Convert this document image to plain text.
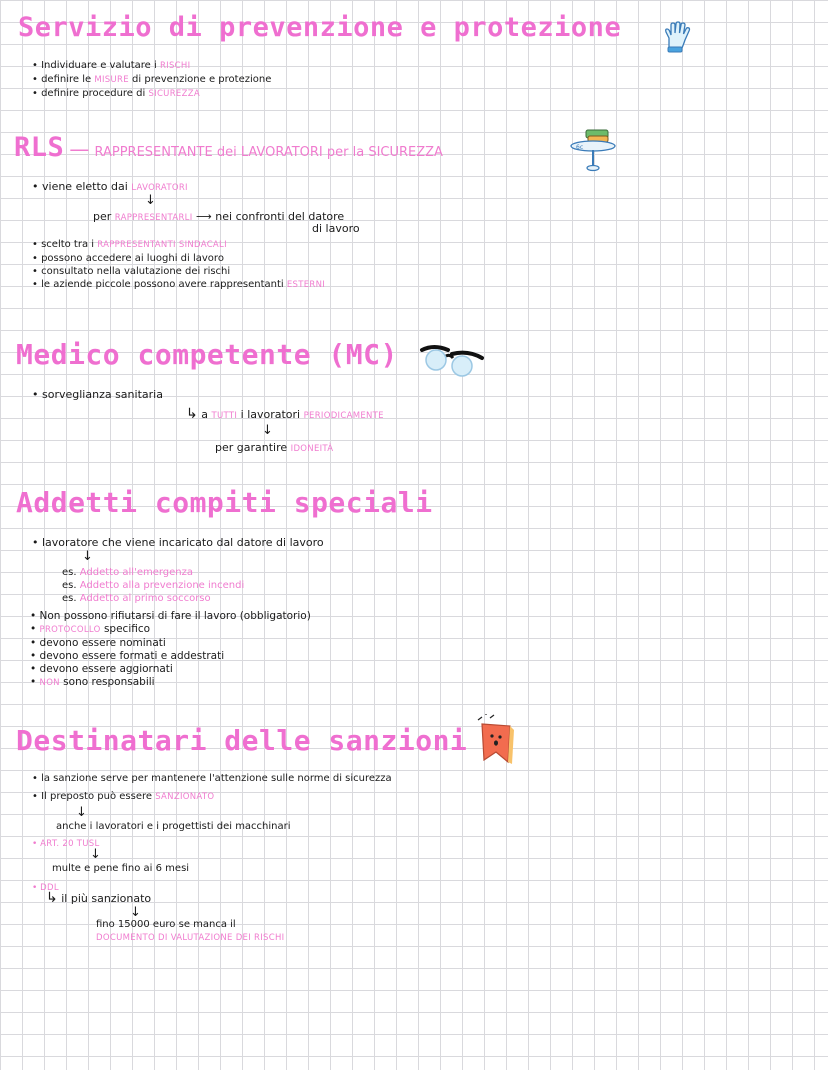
Servizio di prevenzione e protezione
• Individuare e valutare i RISCHI
• definire le MISURE di prevenzione e protezione
• definire procedure di SICUREZZA
RLS — RAPPRESENTANTE dei LAVORATORI per la SICUREZZA	6c
• viene eletto dai LAVORATORI
↓
per RAPPRESENTARLI ⟶ nei confronti del datore
di lavoro
• scelto tra i RAPPRESENTANTI SINDACALI
• possono accedere ai luoghi di lavoro
• consultato nella valutazione dei rischi
• le aziende piccole possono avere rappresentanti ESTERNI
Medico competente (MC)
• sorveglianza sanitaria
↳ a TUTTI i lavoratori PERIODICAMENTE
↓
per garantire IDONEITÀ
Addetti compiti speciali
• lavoratore che viene incaricato dal datore di lavoro
↓
es. Addetto all'emergenza
es. Addetto alla prevenzione incendi
es. Addetto al primo soccorso
• Non possono rifiutarsi di fare il lavoro (obbligatorio)
• PROTOCOLLO specifico
• devono essere nominati
• devono essere formati e addestrati
• devono essere aggiornati
• NON sono responsabili
Destinatari delle sanzioni
• la sanzione serve per mantenere l'attenzione sulle norme di sicurezza
• Il preposto può essere SANZIONATO
↓
anche i lavoratori e i progettisti dei macchinari
• ART. 20 TUSL
↓
multe e pene fino ai 6 mesi
• DDL
↳ il più sanzionato
↓
fino 15000 euro se manca il
DOCUMENTO DI VALUTAZIONE DEI RISCHI
